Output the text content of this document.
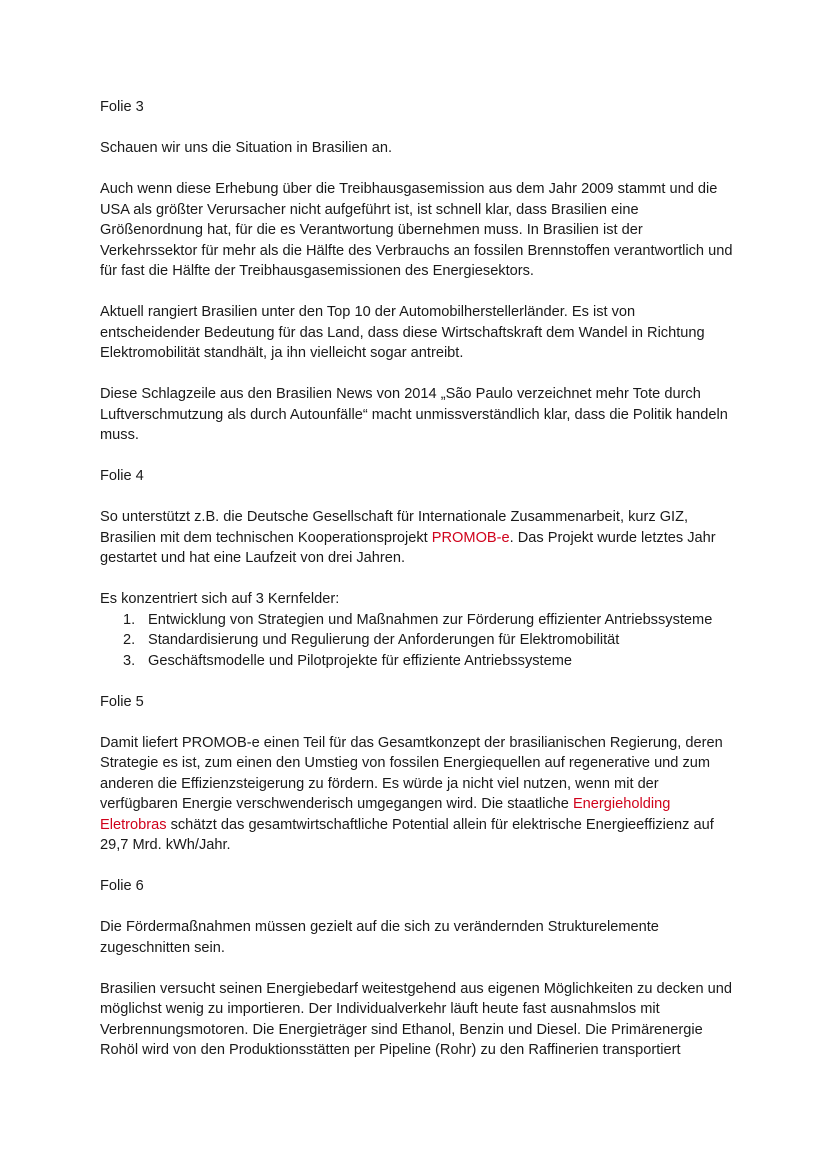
Folie 3
Schauen wir uns die Situation in Brasilien an.
Auch wenn diese Erhebung über die Treibhausgasemission aus dem Jahr 2009 stammt und die USA als größter Verursacher nicht aufgeführt ist, ist schnell klar, dass Brasilien eine Größenordnung hat, für die es Verantwortung übernehmen muss. In Brasilien ist der Verkehrssektor für mehr als die Hälfte des Verbrauchs an fossilen Brennstoffen verantwortlich und für fast die Hälfte der Treibhausgasemissionen des Energiesektors.
Aktuell rangiert Brasilien unter den Top 10 der Automobilherstellerländer. Es ist von entscheidender Bedeutung für das Land, dass diese Wirtschaftskraft dem Wandel in Richtung Elektromobilität standhält, ja ihn vielleicht sogar antreibt.
Diese Schlagzeile aus den Brasilien News von 2014 „São Paulo verzeichnet mehr Tote durch Luftverschmutzung als durch Autounfälle“ macht unmissverständlich klar, dass die Politik handeln muss.
Folie 4
So unterstützt z.B. die Deutsche Gesellschaft für Internationale Zusammenarbeit, kurz GIZ, Brasilien mit dem technischen Kooperationsprojekt PROMOB-e. Das Projekt wurde letztes Jahr gestartet und hat eine Laufzeit von drei Jahren.
Es konzentriert sich auf 3 Kernfelder:
1. Entwicklung von Strategien und Maßnahmen zur Förderung effizienter Antriebssysteme
2. Standardisierung und Regulierung der Anforderungen für Elektromobilität
3. Geschäftsmodelle und Pilotprojekte für effiziente Antriebssysteme
Folie 5
Damit liefert PROMOB-e einen Teil für das Gesamtkonzept der brasilianischen Regierung, deren Strategie es ist, zum einen den Umstieg von fossilen Energiequellen auf regenerative und zum anderen die Effizienzsteigerung zu fördern. Es würde ja nicht viel nutzen, wenn mit der verfügbaren Energie verschwenderisch umgegangen wird. Die staatliche Energieholding Eletrobras schätzt das gesamtwirtschaftliche Potential allein für elektrische Energieeffizienz auf 29,7 Mrd. kWh/Jahr.
Folie 6
Die Fördermaßnahmen müssen gezielt auf die sich zu verändernden Strukturelemente zugeschnitten sein.
Brasilien versucht seinen Energiebedarf weitestgehend aus eigenen Möglichkeiten zu decken und möglichst wenig zu importieren. Der Individualverkehr läuft heute fast ausnahmslos mit Verbrennungsmotoren. Die Energieträger sind Ethanol, Benzin und Diesel. Die Primärenergie Rohöl wird von den Produktionsstätten per Pipeline (Rohr) zu den Raffinerien transportiert
